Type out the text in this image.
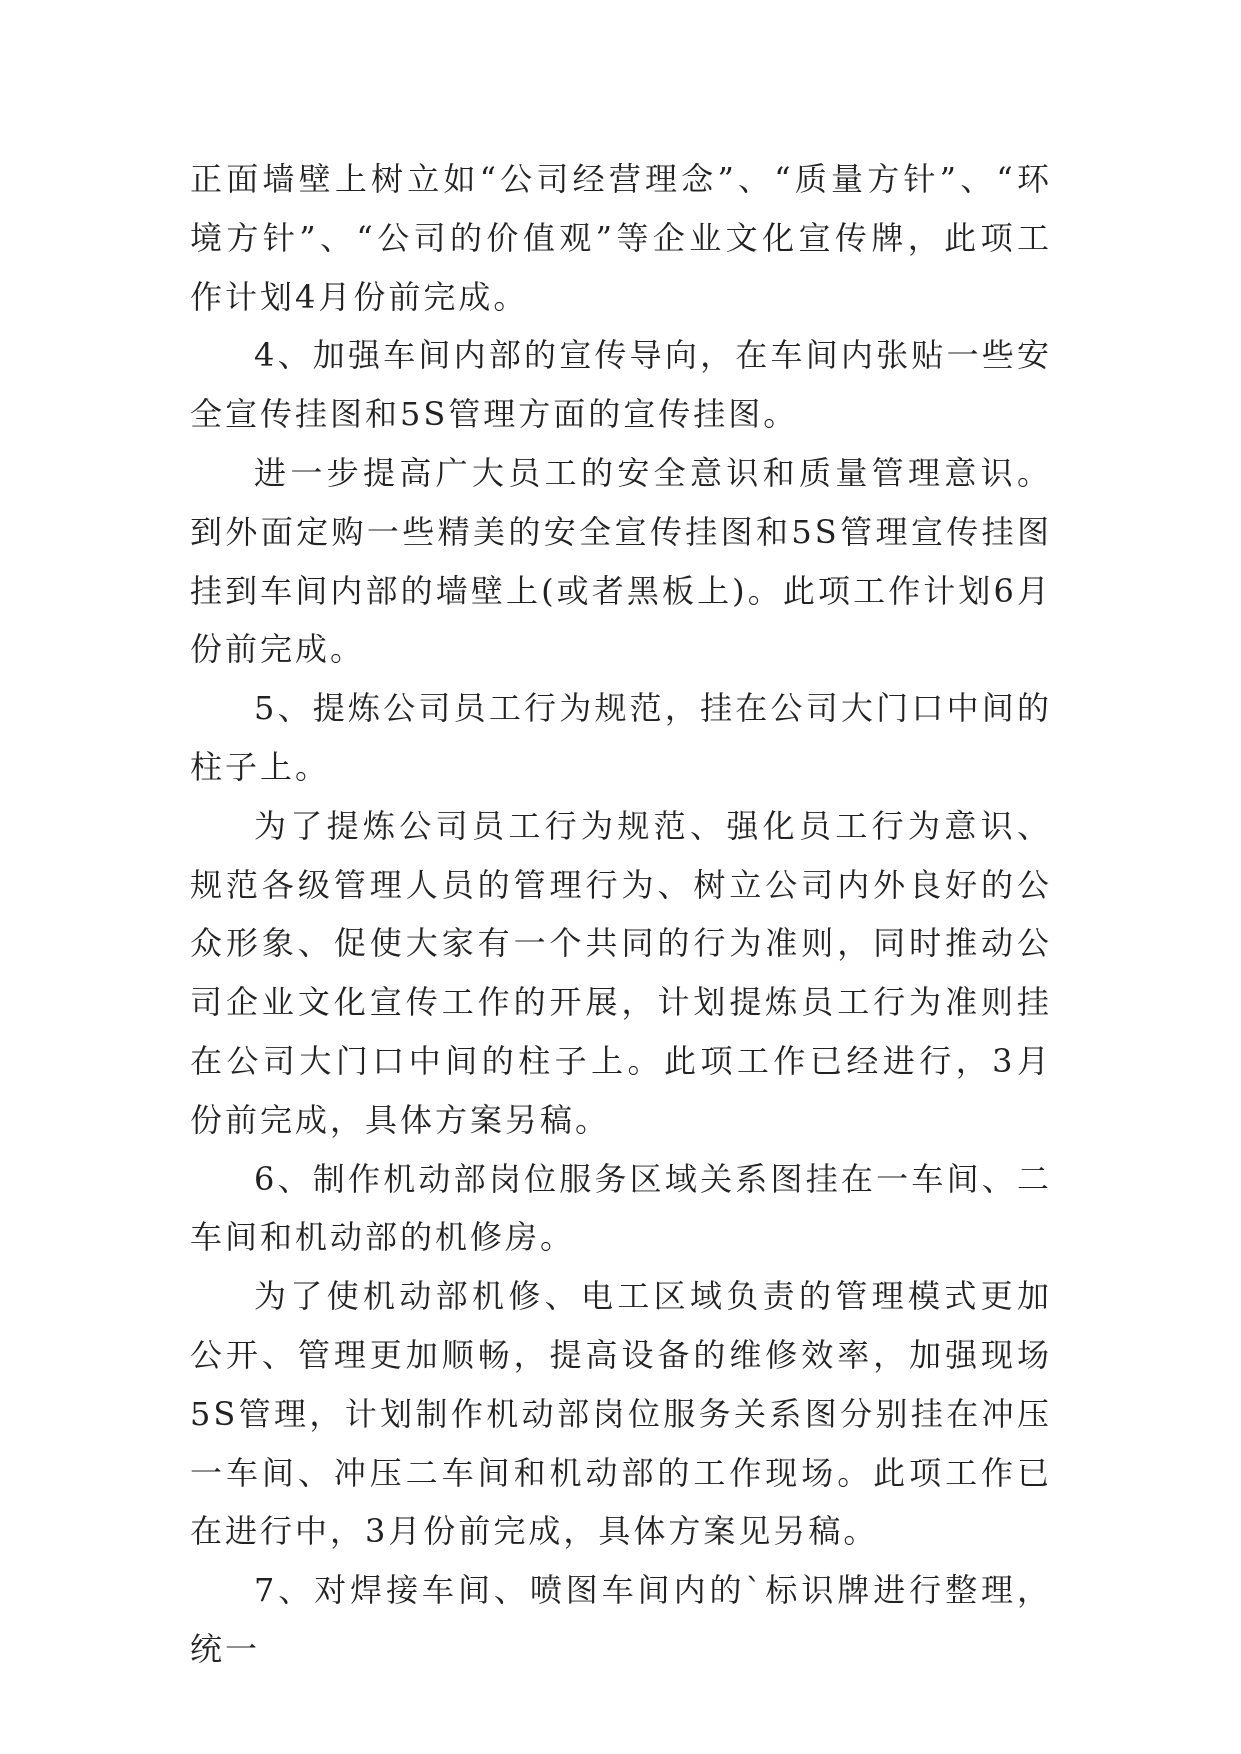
正面墙壁上树立如“公司经营理念”、“质量方针”、“环境方针”、“公司的价值观”等企业文化宣传牌，此项工作计划4月份前完成。

4、加强车间内部的宣传导向，在车间内张贴一些安全宣传挂图和5S管理方面的宣传挂图。

进一步提高广大员工的安全意识和质量管理意识。到外面定购一些精美的安全宣传挂图和5S管理宣传挂图挂到车间内部的墙壁上(或者黑板上)。此项工作计划6月份前完成。

5、提炼公司员工行为规范，挂在公司大门口中间的柱子上。

为了提炼公司员工行为规范、强化员工行为意识、规范各级管理人员的管理行为、树立公司内外良好的公众形象、促使大家有一个共同的行为准则，同时推动公司企业文化宣传工作的开展，计划提炼员工行为准则挂在公司大门口中间的柱子上。此项工作已经进行，3月份前完成，具体方案另稿。

6、制作机动部岗位服务区域关系图挂在一车间、二车间和机动部的机修房。

为了使机动部机修、电工区域负责的管理模式更加公开、管理更加顺畅，提高设备的维修效率，加强现场5S管理，计划制作机动部岗位服务关系图分别挂在冲压一车间、冲压二车间和机动部的工作现场。此项工作已在进行中，3月份前完成，具体方案见另稿。

7、对焊接车间、喷图车间内的`标识牌进行整理，统一
